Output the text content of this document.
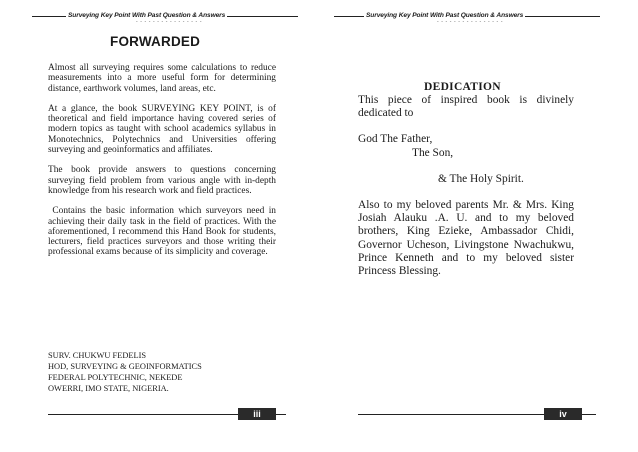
Surveying Key Point With Past Question & Answers
- - - - - - - - - - - - - - - -
FORWARDED

Almost all surveying requires some calculations to reduce measurements into a more useful form for determining distance, earthwork volumes, land areas, etc.

At a glance, the book SURVEYING KEY POINT, is of theoretical and field importance having covered series of modern topics as taught with school academics syllabus in Monotechnics, Polytechnics and Universities offering surveying and geoinformatics and affiliates.

The book provide answers to questions concerning surveying field problem from various angle with in-depth knowledge from his research work and field practices.

Contains the basic information which surveyors need in achieving their daily task in the field of practices. With the aforementioned, I recommend this Hand Book for students, lecturers, field practices surveyors and those writing their professional exams because of its simplicity and coverage.

SURV. CHUKWU FEDELIS
HOD, SURVEYING & GEOINFORMATICS
FEDERAL POLYTECHNIC, NEKEDE
OWERRI, IMO STATE, NIGERIA.
iii
Surveying Key Point With Past Question & Answers
- - - - - - - - - - - - - - - -
DEDICATION

This piece of inspired book is divinely dedicated to

God The Father,

The Son,

& The Holy Spirit.

Also to my beloved parents Mr. & Mrs. King Josiah Alauku .A. U. and to my beloved brothers, King Ezieke, Ambassador Chidi, Governor Ucheson, Livingstone Nwachukwu, Prince Kenneth and to my beloved sister Princess Blessing.

iv
